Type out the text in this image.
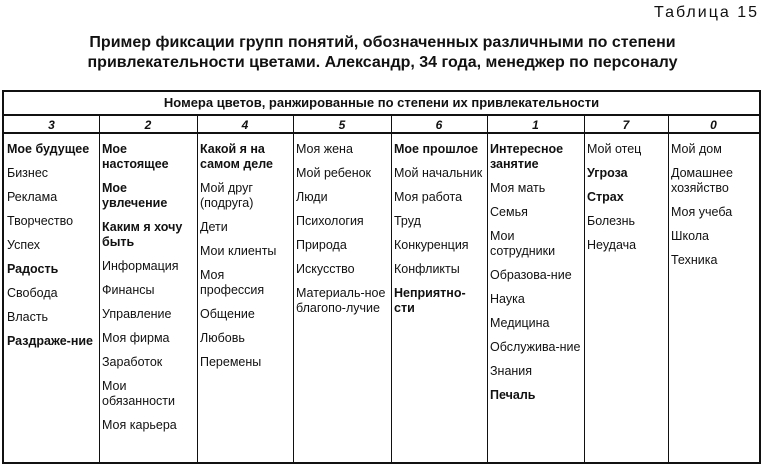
Таблица 15
Пример фиксации групп понятий, обозначенных различными по степени
привлекательности цветами. Александр, 34 года, менеджер по персоналу
Номера цветов, ранжированные по степени их привлекательности
3
Мое будущее
Бизнес
Реклама
Творчество
Успех
Радость
Свобода
Власть
Раздраже-ние
2
Мое настоящее
Мое увлечение
Каким я хочу быть
Информация
Финансы
Управление
Моя фирма
Заработок
Мои обязанности
Моя карьера
4
Какой я на самом деле
Мой друг (подруга)
Дети
Мои клиенты
Моя профессия
Общение
Любовь
Перемены
5
Моя жена
Мой ребенок
Люди
Психология
Природа
Искусство
Материаль-ное благопо-лучие
6
Мое прошлое
Мой начальник
Моя работа
Труд
Конкуренция
Конфликты
Неприятно-сти
1
Интересное занятие
Моя мать
Семья
Мои сотрудники
Образова-ние
Наука
Медицина
Обслужива-ние
Знания
Печаль
7
Мой отец
Угроза
Страх
Болезнь
Неудача
0
Мой дом
Домашнее хозяйство
Моя учеба
Школа
Техника
